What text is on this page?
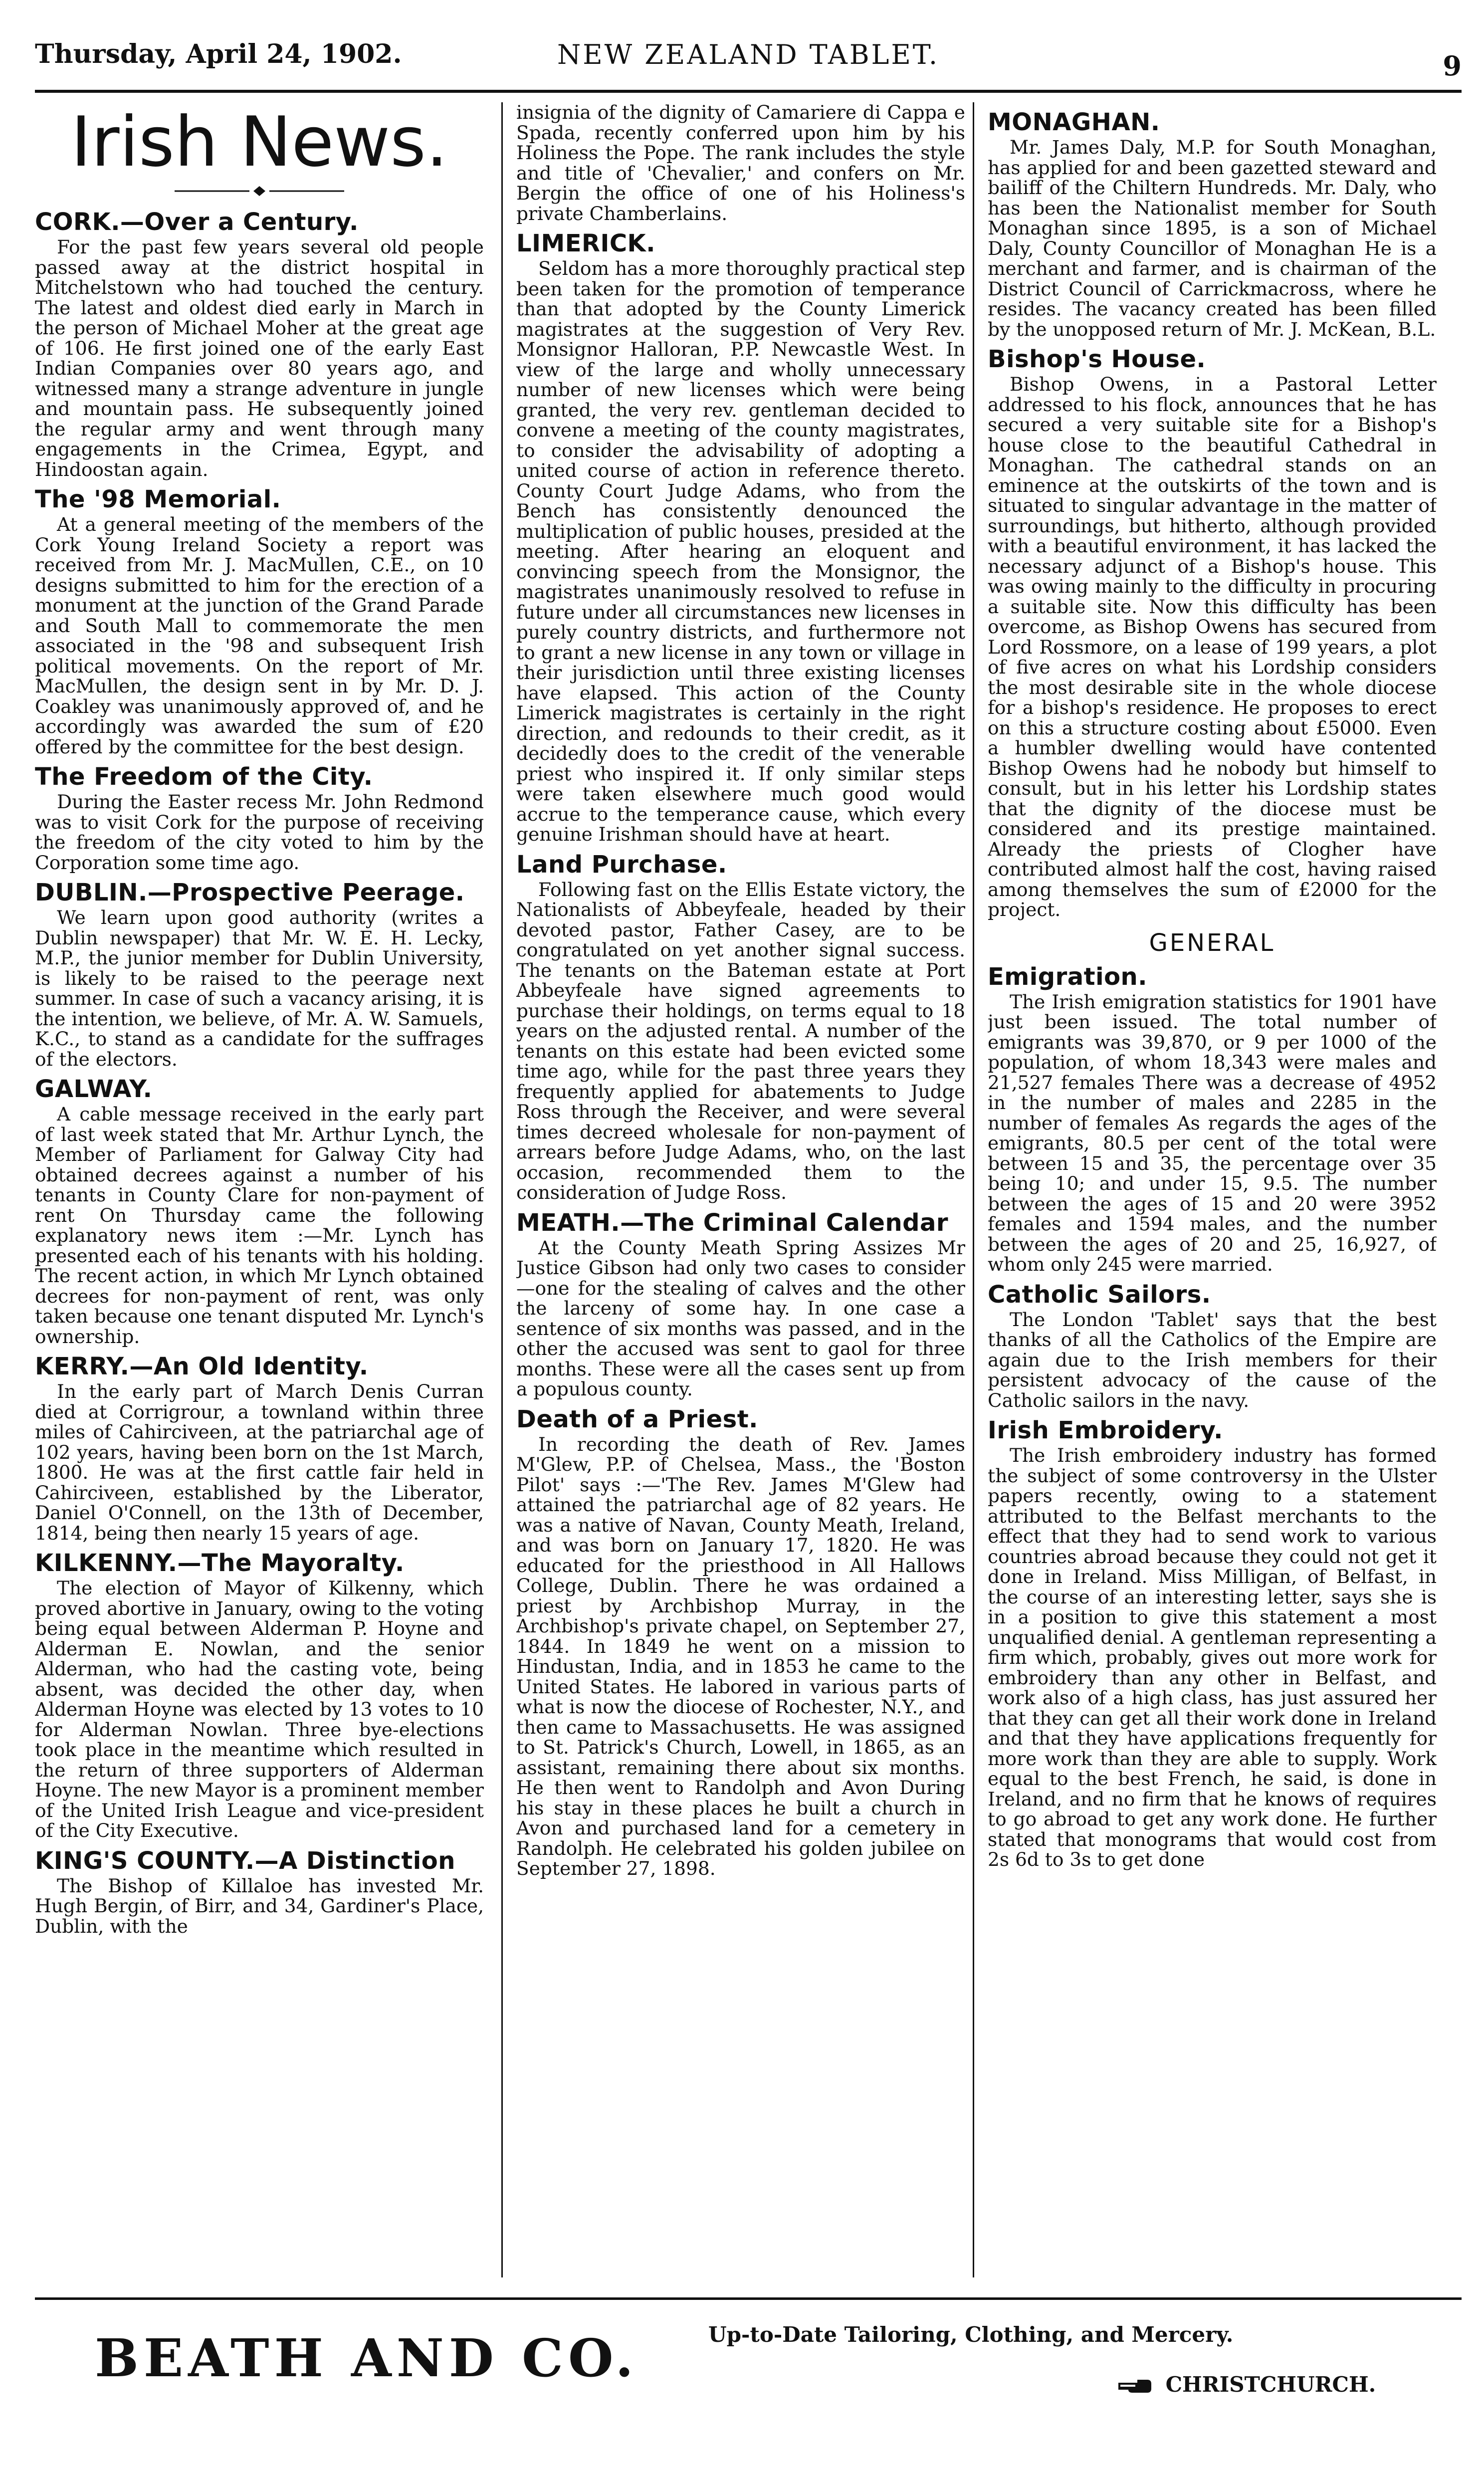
Thursday, April 24, 1902.	NEW ZEALAND TABLET.	9
Irish News.
CORK.—Over a Century.

For the past few years several old people passed away at the district hospital in Mitchelstown who had touched the century. The latest and oldest died early in March in the person of Michael Moher at the great age of 106. He first joined one of the early East Indian Companies over 80 years ago, and witnessed many a strange adventure in jungle and mountain pass. He subsequently joined the regular army and went through many engagements in the Crimea, Egypt, and Hindoostan again.

The '98 Memorial.

At a general meeting of the members of the Cork Young Ireland Society a report was received from Mr. J. MacMullen, C.E., on 10 designs submitted to him for the erection of a monument at the junction of the Grand Parade and South Mall to commemorate the men associated in the '98 and subsequent Irish political movements. On the report of Mr. MacMullen, the design sent in by Mr. D. J. Coakley was unanimously approved of, and he accordingly was awarded the sum of £20 offered by the committee for the best design.

The Freedom of the City.

During the Easter recess Mr. John Redmond was to visit Cork for the purpose of receiving the freedom of the city voted to him by the Corporation some time ago.

DUBLIN.—Prospective Peerage.

We learn upon good authority (writes a Dublin newspaper) that Mr. W. E. H. Lecky, M.P., the junior member for Dublin University, is likely to be raised to the peerage next summer. In case of such a vacancy arising, it is the intention, we believe, of Mr. A. W. Samuels, K.C., to stand as a candidate for the suffrages of the electors.

GALWAY.

A cable message received in the early part of last week stated that Mr. Arthur Lynch, the Member of Parliament for Galway City had obtained decrees against a number of his tenants in County Clare for non-payment of rent On Thursday came the following explanatory news item :—Mr. Lynch has presented each of his tenants with his holding. The recent action, in which Mr Lynch obtained decrees for non-payment of rent, was only taken because one tenant disputed Mr. Lynch's ownership.

KERRY.—An Old Identity.

In the early part of March Denis Curran died at Corrigrour, a townland within three miles of Cahirciveen, at the patriarchal age of 102 years, having been born on the 1st March, 1800. He was at the first cattle fair held in Cahirciveen, established by the Liberator, Daniel O'Connell, on the 13th of December, 1814, being then nearly 15 years of age.

KILKENNY.—The Mayoralty.

The election of Mayor of Kilkenny, which proved abortive in January, owing to the voting being equal between Alderman P. Hoyne and Alderman E. Nowlan, and the senior Alderman, who had the casting vote, being absent, was decided the other day, when Alderman Hoyne was elected by 13 votes to 10 for Alderman Nowlan. Three bye-elections took place in the meantime which resulted in the return of three supporters of Alderman Hoyne. The new Mayor is a prominent member of the United Irish League and vice-president of the City Executive.

KING'S COUNTY.—A Distinction

The Bishop of Killaloe has invested Mr. Hugh Bergin, of Birr, and 34, Gardiner's Place, Dublin, with the

insignia of the dignity of Camariere di Cappa e Spada, recently conferred upon him by his Holiness the Pope. The rank includes the style and title of 'Chevalier,' and confers on Mr. Bergin the office of one of his Holiness's private Chamberlains.

LIMERICK.

Seldom has a more thoroughly practical step been taken for the promotion of temperance than that adopted by the County Limerick magistrates at the suggestion of Very Rev. Monsignor Halloran, P.P. Newcastle West. In view of the large and wholly unnecessary number of new licenses which were being granted, the very rev. gentleman decided to convene a meeting of the county magistrates, to consider the advisability of adopting a united course of action in reference thereto. County Court Judge Adams, who from the Bench has consistently denounced the multiplication of public houses, presided at the meeting. After hearing an eloquent and convincing speech from the Monsignor, the magistrates unanimously resolved to refuse in future under all circumstances new licenses in purely country districts, and furthermore not to grant a new license in any town or village in their jurisdiction until three existing licenses have elapsed. This action of the County Limerick magistrates is certainly in the right direction, and redounds to their credit, as it decidedly does to the credit of the venerable priest who inspired it. If only similar steps were taken elsewhere much good would accrue to the temperance cause, which every genuine Irishman should have at heart.

Land Purchase.

Following fast on the Ellis Estate victory, the Nationalists of Abbeyfeale, headed by their devoted pastor, Father Casey, are to be congratulated on yet another signal success. The tenants on the Bateman estate at Port Abbeyfeale have signed agreements to purchase their holdings, on terms equal to 18 years on the adjusted rental. A number of the tenants on this estate had been evicted some time ago, while for the past three years they frequently applied for abatements to Judge Ross through the Receiver, and were several times decreed wholesale for non-payment of arrears before Judge Adams, who, on the last occasion, recommended them to the consideration of Judge Ross.

MEATH.—The Criminal Calendar

At the County Meath Spring Assizes Mr Justice Gibson had only two cases to consider—one for the stealing of calves and the other the larceny of some hay. In one case a sentence of six months was passed, and in the other the accused was sent to gaol for three months. These were all the cases sent up from a populous county.

Death of a Priest.

In recording the death of Rev. James M'Glew, P.P. of Chelsea, Mass., the 'Boston Pilot' says :—'The Rev. James M'Glew had attained the patriarchal age of 82 years. He was a native of Navan, County Meath, Ireland, and was born on January 17, 1820. He was educated for the priesthood in All Hallows College, Dublin. There he was ordained a priest by Archbishop Murray, in the Archbishop's private chapel, on September 27, 1844. In 1849 he went on a mission to Hindustan, India, and in 1853 he came to the United States. He labored in various parts of what is now the diocese of Rochester, N.Y., and then came to Massachusetts. He was assigned to St. Patrick's Church, Lowell, in 1865, as an assistant, remaining there about six months. He then went to Randolph and Avon During his stay in these places he built a church in Avon and purchased land for a cemetery in Randolph. He celebrated his golden jubilee on September 27, 1898.

MONAGHAN.

Mr. James Daly, M.P. for South Monaghan, has applied for and been gazetted steward and bailiff of the Chiltern Hundreds. Mr. Daly, who has been the Nationalist member for South Monaghan since 1895, is a son of Michael Daly, County Councillor of Monaghan He is a merchant and farmer, and is chairman of the District Council of Carrickmacross, where he resides. The vacancy created has been filled by the unopposed return of Mr. J. McKean, B.L.

Bishop's House.

Bishop Owens, in a Pastoral Letter addressed to his flock, announces that he has secured a very suitable site for a Bishop's house close to the beautiful Cathedral in Monaghan. The cathedral stands on an eminence at the outskirts of the town and is situated to singular advantage in the matter of surroundings, but hitherto, although provided with a beautiful environment, it has lacked the necessary adjunct of a Bishop's house. This was owing mainly to the difficulty in procuring a suitable site. Now this difficulty has been overcome, as Bishop Owens has secured from Lord Rossmore, on a lease of 199 years, a plot of five acres on what his Lordship considers the most desirable site in the whole diocese for a bishop's residence. He proposes to erect on this a structure costing about £5000. Even a humbler dwelling would have contented Bishop Owens had he nobody but himself to consult, but in his letter his Lordship states that the dignity of the diocese must be considered and its prestige maintained. Already the priests of Clogher have contributed almost half the cost, having raised among themselves the sum of £2000 for the project.

GENERAL
Emigration.

The Irish emigration statistics for 1901 have just been issued. The total number of emigrants was 39,870, or 9 per 1000 of the population, of whom 18,343 were males and 21,527 females There was a decrease of 4952 in the number of males and 2285 in the number of females As regards the ages of the emigrants, 80.5 per cent of the total were between 15 and 35, the percentage over 35 being 10; and under 15, 9.5. The number between the ages of 15 and 20 were 3952 females and 1594 males, and the number between the ages of 20 and 25, 16,927, of whom only 245 were married.

Catholic Sailors.

The London 'Tablet' says that the best thanks of all the Catholics of the Empire are again due to the Irish members for their persistent advocacy of the cause of the Catholic sailors in the navy.

Irish Embroidery.

The Irish embroidery industry has formed the subject of some controversy in the Ulster papers recently, owing to a statement attributed to the Belfast merchants to the effect that they had to send work to various countries abroad because they could not get it done in Ireland. Miss Milligan, of Belfast, in the course of an interesting letter, says she is in a position to give this statement a most unqualified denial. A gentleman representing a firm which, probably, gives out more work for embroidery than any other in Belfast, and work also of a high class, has just assured her that they can get all their work done in Ireland and that they have applications frequently for more work than they are able to supply. Work equal to the best French, he said, is done in Ireland, and no firm that he knows of requires to go abroad to get any work done. He further stated that monograms that would cost from 2s 6d to 3s to get done

BEATH AND CO.	Up-to-Date Tailoring, Clothing, and Mercery.
CHRISTCHURCH.
